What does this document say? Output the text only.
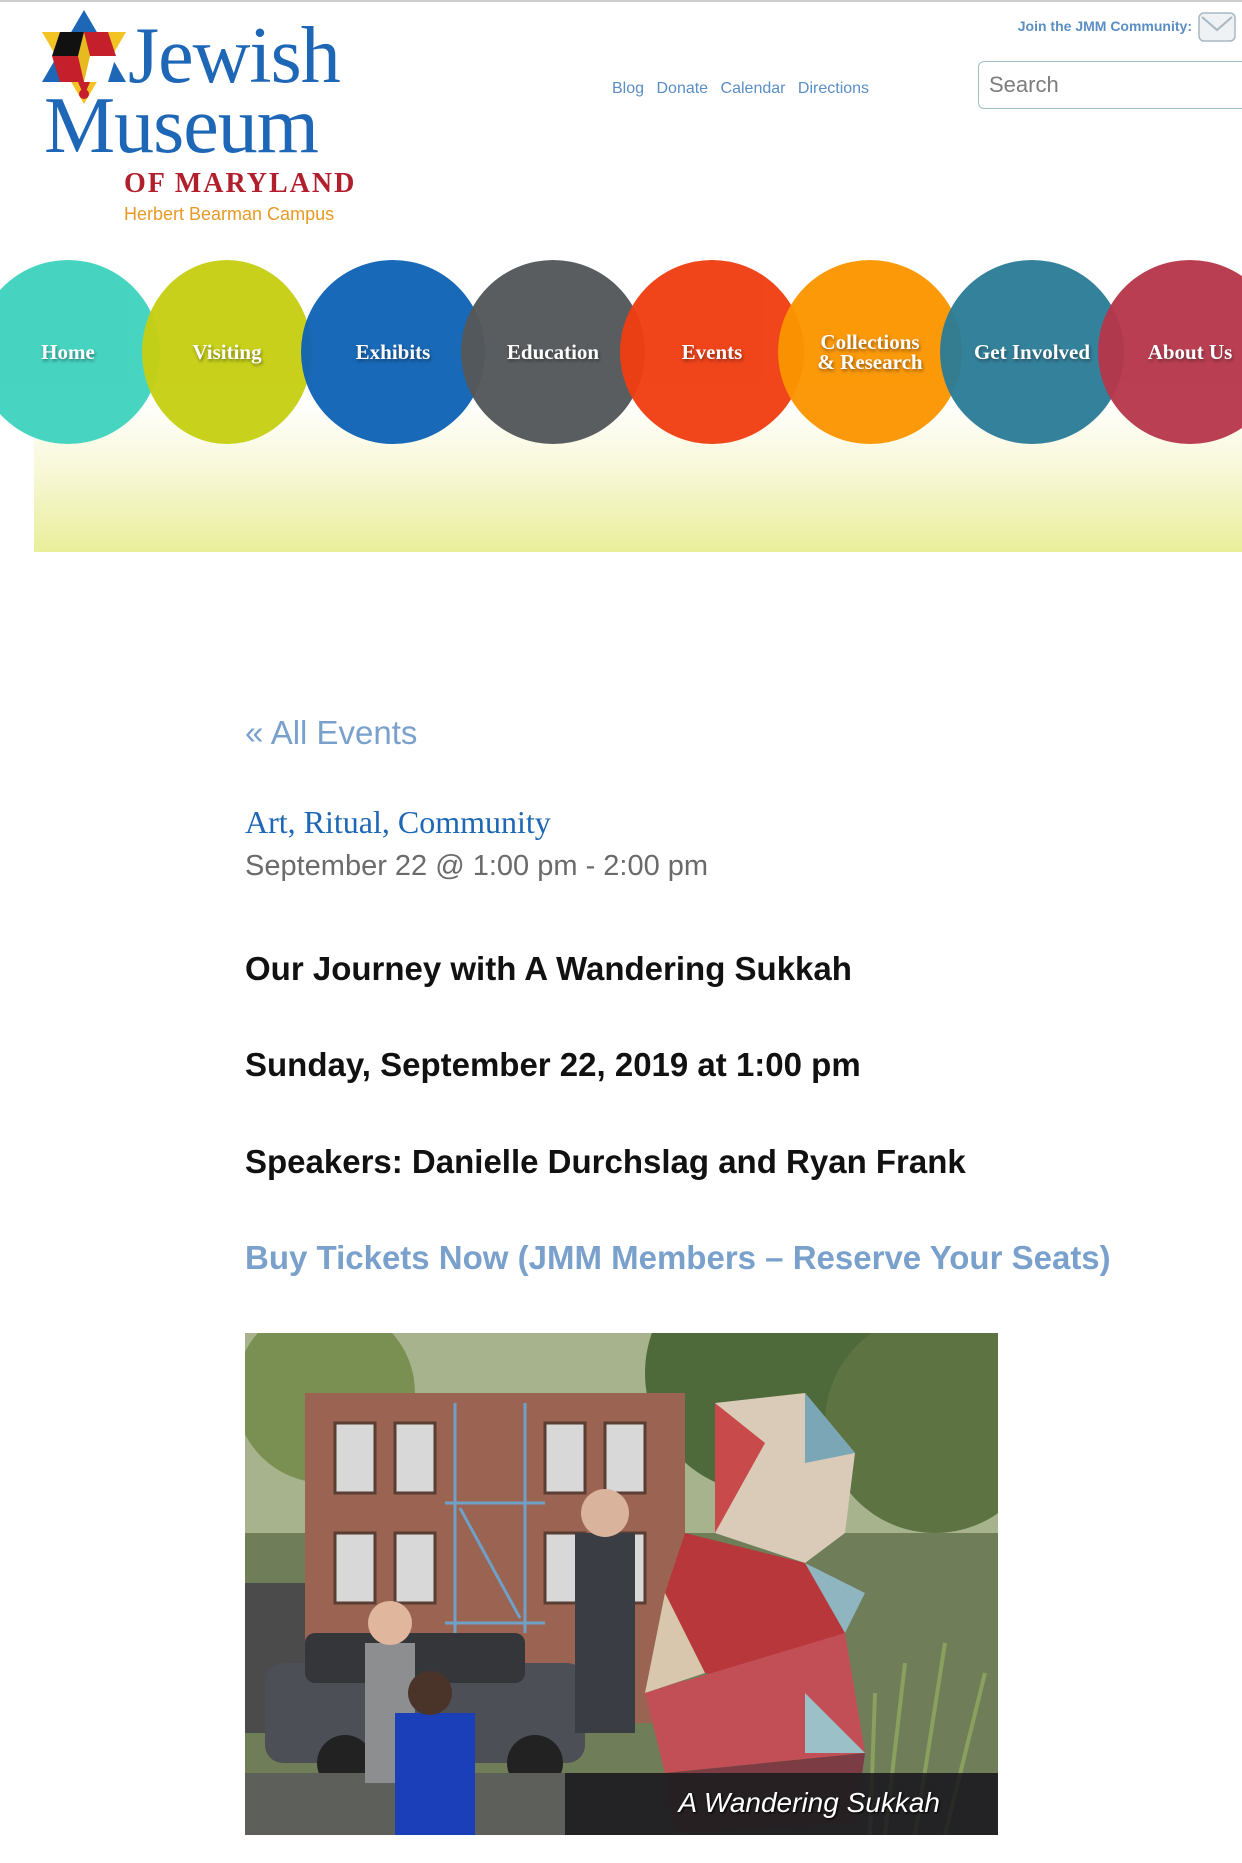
Jewish
Museum
OF MARYLAND
Herbert Bearman Campus
Blog Donate Calendar Directions
Join the JMM Community:
Search
Home	Visiting	Exhibits	Education	Events	Collections & Research	Get Involved	About Us
« All Events
Art, Ritual, Community
September 22 @ 1:00 pm - 2:00 pm
Our Journey with A Wandering Sukkah
Sunday, September 22, 2019 at 1:00 pm
Speakers: Danielle Durchslag and Ryan Frank
Buy Tickets Now (JMM Members – Reserve Your Seats)
A Wandering Sukkah
